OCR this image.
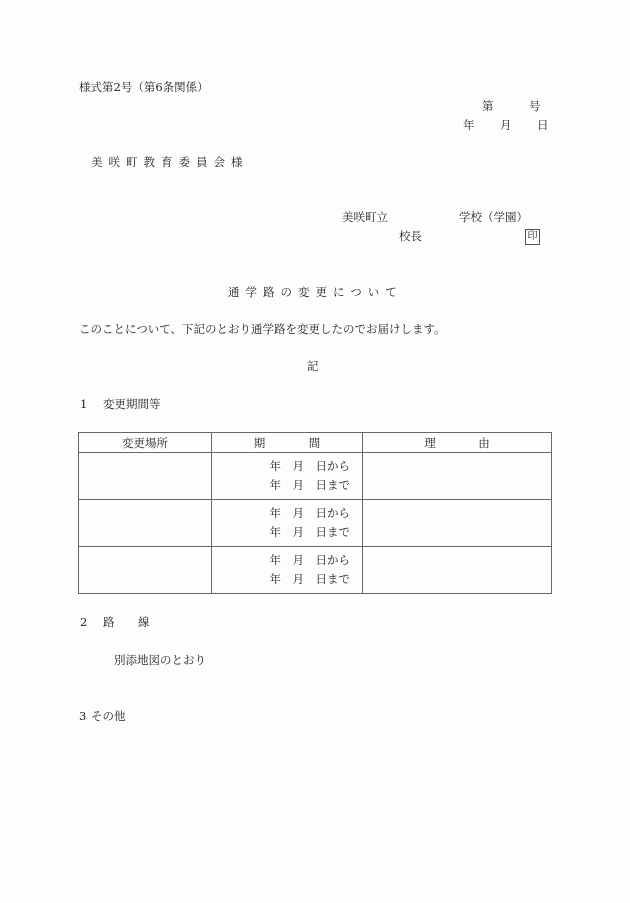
様式第2号（第6条関係）
第	号
年 月 日
美咲町教育委員会様
美咲町立	学校（学園）
校長	印
通学路の変更について
このことについて、下記のとおり通学路を変更したのでお届けします。
記
1 変更期間等
変更場所	期 間	理 由

	年　月　日から
年　月　日まで	

	年　月　日から
年　月　日まで	

	年　月　日から
年　月　日まで	

2 路 線
別添地図のとおり
3 その他
